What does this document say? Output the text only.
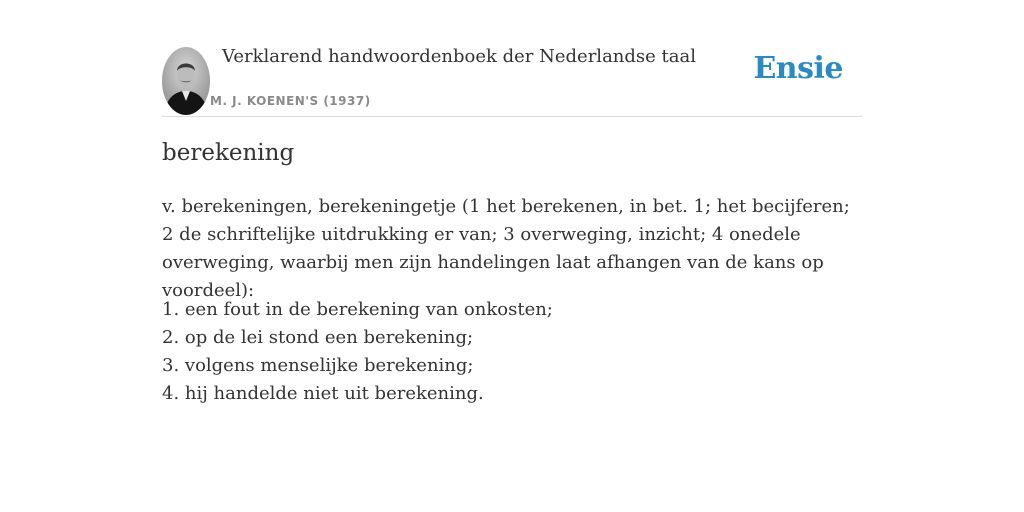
Verklarend handwoordenboek der Nederlandse taal
M. J. KOENEN'S (1937)
Ensie
berekening

v. berekeningen, berekeningetje (1 het berekenen, in bet. 1; het becijferen; 2 de schriftelijke uitdrukking er van; 3 overweging, inzicht; 4 onedele overweging, waarbij men zijn handelingen laat afhangen van de kans op voordeel):

1. een fout in de berekening van onkosten;
2. op de lei stond een berekening;
3. volgens menselijke berekening;
4. hij handelde niet uit berekening.
